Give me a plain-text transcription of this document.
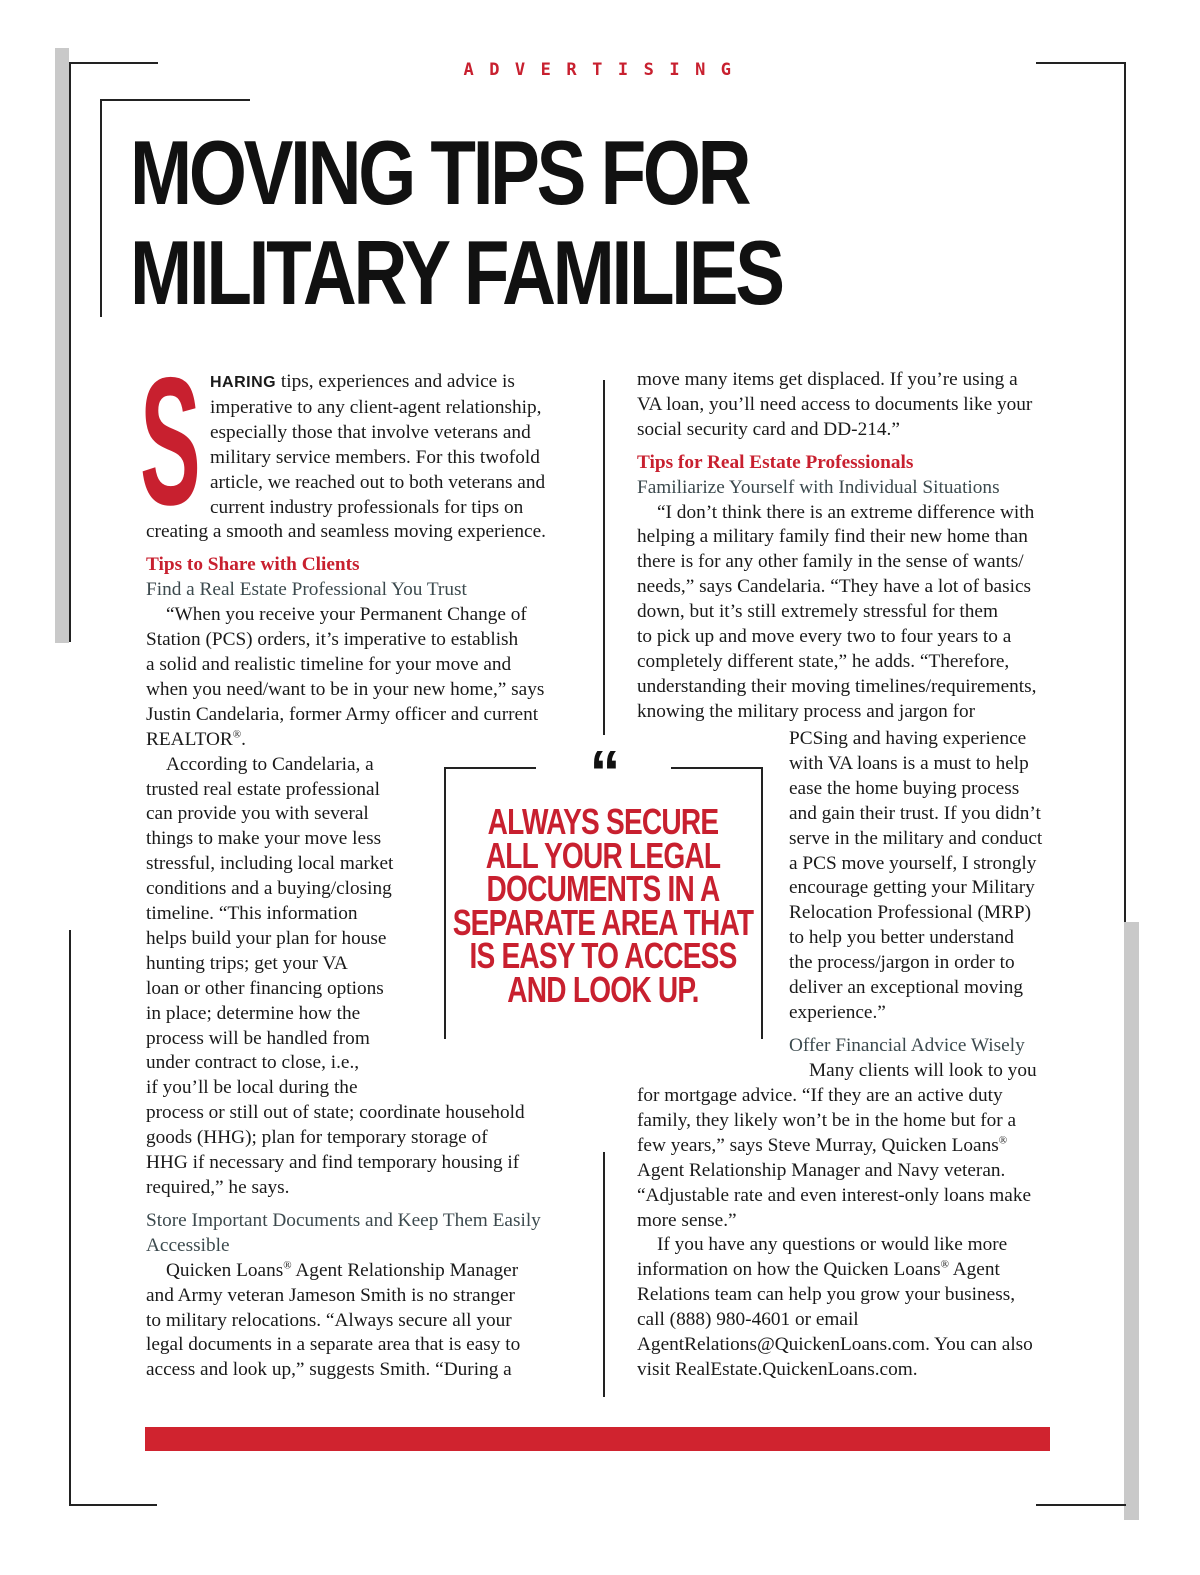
ADVERTISING
MOVING TIPS FOR
MILITARY FAMILIES
S HARING tips, experiences and advice is

imperative to any client-agent relationship,

especially those that involve veterans and

military service members. For this twofold

article, we reached out to both veterans and

current industry professionals for tips on

creating a smooth and seamless moving experience.

Tips to Share with Clients

Find a Real Estate Professional You Trust

“When you receive your Permanent Change of

Station (PCS) orders, it’s imperative to establish

a solid and realistic timeline for your move and

when you need/want to be in your new home,” says

Justin Candelaria, former Army officer and current

REALTOR®.

According to Candelaria, a

trusted real estate professional

can provide you with several

things to make your move less

stressful, including local market

conditions and a buying/closing

timeline. “This information

helps build your plan for house

hunting trips; get your VA

loan or other financing options

in place; determine how the

process will be handled from

under contract to close, i.e.,

if you’ll be local during the

process or still out of state; coordinate household

goods (HHG); plan for temporary storage of

HHG if necessary and find temporary housing if

required,” he says.

Store Important Documents and Keep Them Easily

Accessible

Quicken Loans® Agent Relationship Manager

and Army veteran Jameson Smith is no stranger

to military relocations. “Always secure all your

legal documents in a separate area that is easy to

access and look up,” suggests Smith. “During a

move many items get displaced. If you’re using a

VA loan, you’ll need access to documents like your

social security card and DD-214.”

Tips for Real Estate Professionals

Familiarize Yourself with Individual Situations

“I don’t think there is an extreme difference with

helping a military family find their new home than

there is for any other family in the sense of wants/

needs,” says Candelaria. “They have a lot of basics

down, but it’s still extremely stressful for them

to pick up and move every two to four years to a

completely different state,” he adds. “Therefore,

understanding their moving timelines/requirements,

knowing the military process and jargon for

PCSing and having experience

with VA loans is a must to help

ease the home buying process

and gain their trust. If you didn’t

serve in the military and conduct

a PCS move yourself, I strongly

encourage getting your Military

Relocation Professional (MRP)

to help you better understand

the process/jargon in order to

deliver an exceptional moving

experience.”

Offer Financial Advice Wisely

Many clients will look to you

for mortgage advice. “If they are an active duty

family, they likely won’t be in the home but for a

few years,” says Steve Murray, Quicken Loans®

Agent Relationship Manager and Navy veteran.

“Adjustable rate and even interest-only loans make

more sense.”

If you have any questions or would like more

information on how the Quicken Loans® Agent

Relations team can help you grow your business,

call (888) 980-4601 or email

AgentRelations@QuickenLoans.com. You can also

visit RealEstate.QuickenLoans.com.

“
ALWAYS SECURE
ALL YOUR LEGAL
DOCUMENTS IN A
SEPARATE AREA THAT
IS EASY TO ACCESS
AND LOOK UP.
